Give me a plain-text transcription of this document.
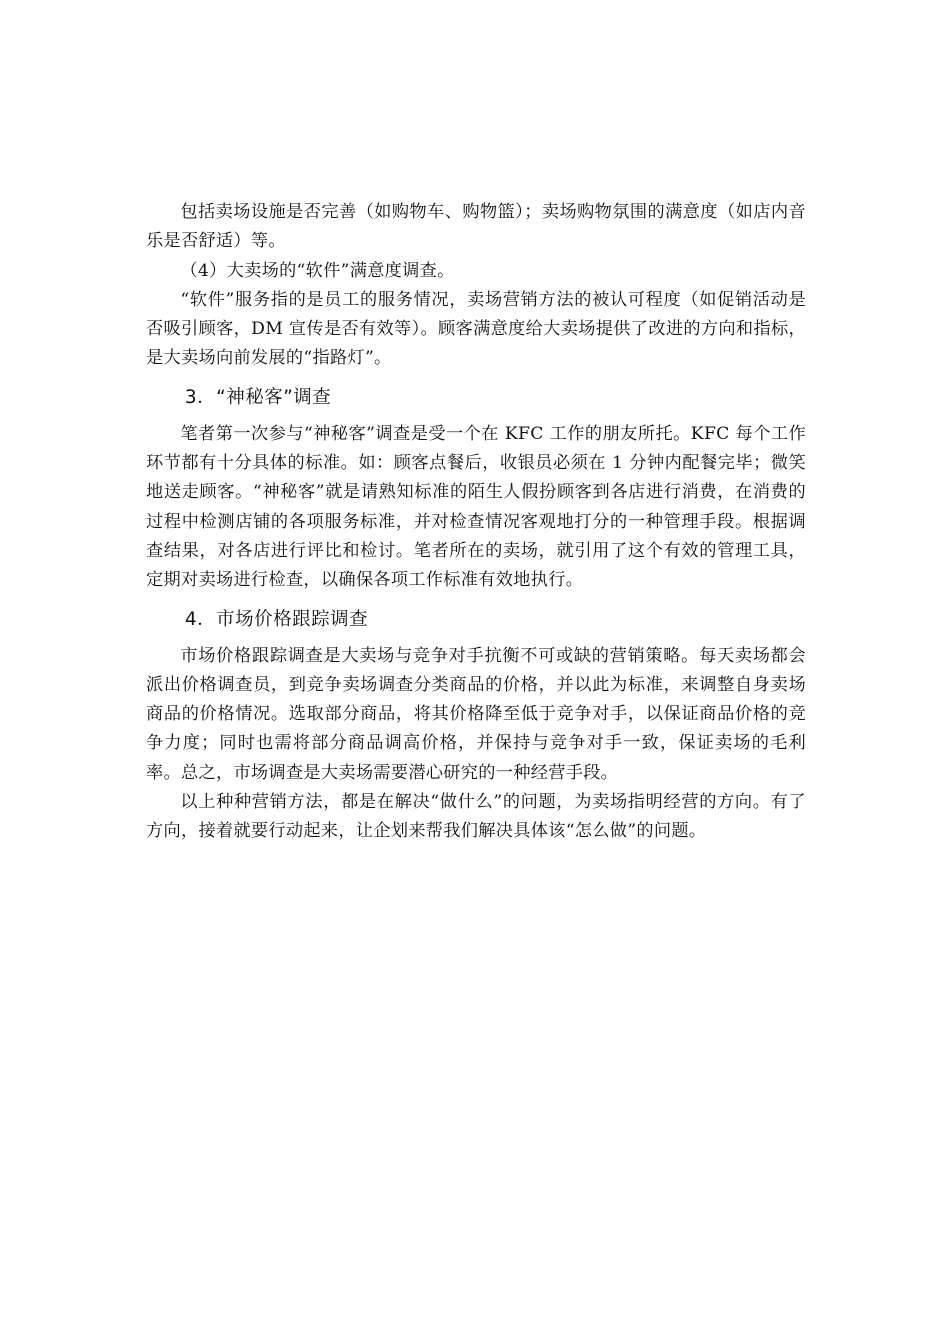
包括卖场设施是否完善（如购物车、购物篮）；卖场购物氛围的满意度（如店内音乐是否舒适）等。

（4）大卖场的“软件”满意度调查。

“软件”服务指的是员工的服务情况，卖场营销方法的被认可程度（如促销活动是否吸引顾客，DM 宣传是否有效等）。顾客满意度给大卖场提供了改进的方向和指标，是大卖场向前发展的“指路灯”。

3．“神秘客”调查

笔者第一次参与“神秘客”调查是受一个在 KFC 工作的朋友所托。KFC 每个工作环节都有十分具体的标准。如：顾客点餐后，收银员必须在 1 分钟内配餐完毕；微笑地送走顾客。“神秘客”就是请熟知标准的陌生人假扮顾客到各店进行消费，在消费的过程中检测店铺的各项服务标准，并对检查情况客观地打分的一种管理手段。根据调查结果，对各店进行评比和检讨。笔者所在的卖场，就引用了这个有效的管理工具，定期对卖场进行检查，以确保各项工作标准有效地执行。

4．市场价格跟踪调查

市场价格跟踪调查是大卖场与竞争对手抗衡不可或缺的营销策略。每天卖场都会派出价格调查员，到竞争卖场调查分类商品的价格，并以此为标准，来调整自身卖场商品的价格情况。选取部分商品，将其价格降至低于竞争对手，以保证商品价格的竞争力度；同时也需将部分商品调高价格，并保持与竞争对手一致，保证卖场的毛利率。总之，市场调查是大卖场需要潜心研究的一种经营手段。

以上种种营销方法，都是在解决“做什么”的问题，为卖场指明经营的方向。有了方向，接着就要行动起来，让企划来帮我们解决具体该“怎么做”的问题。
